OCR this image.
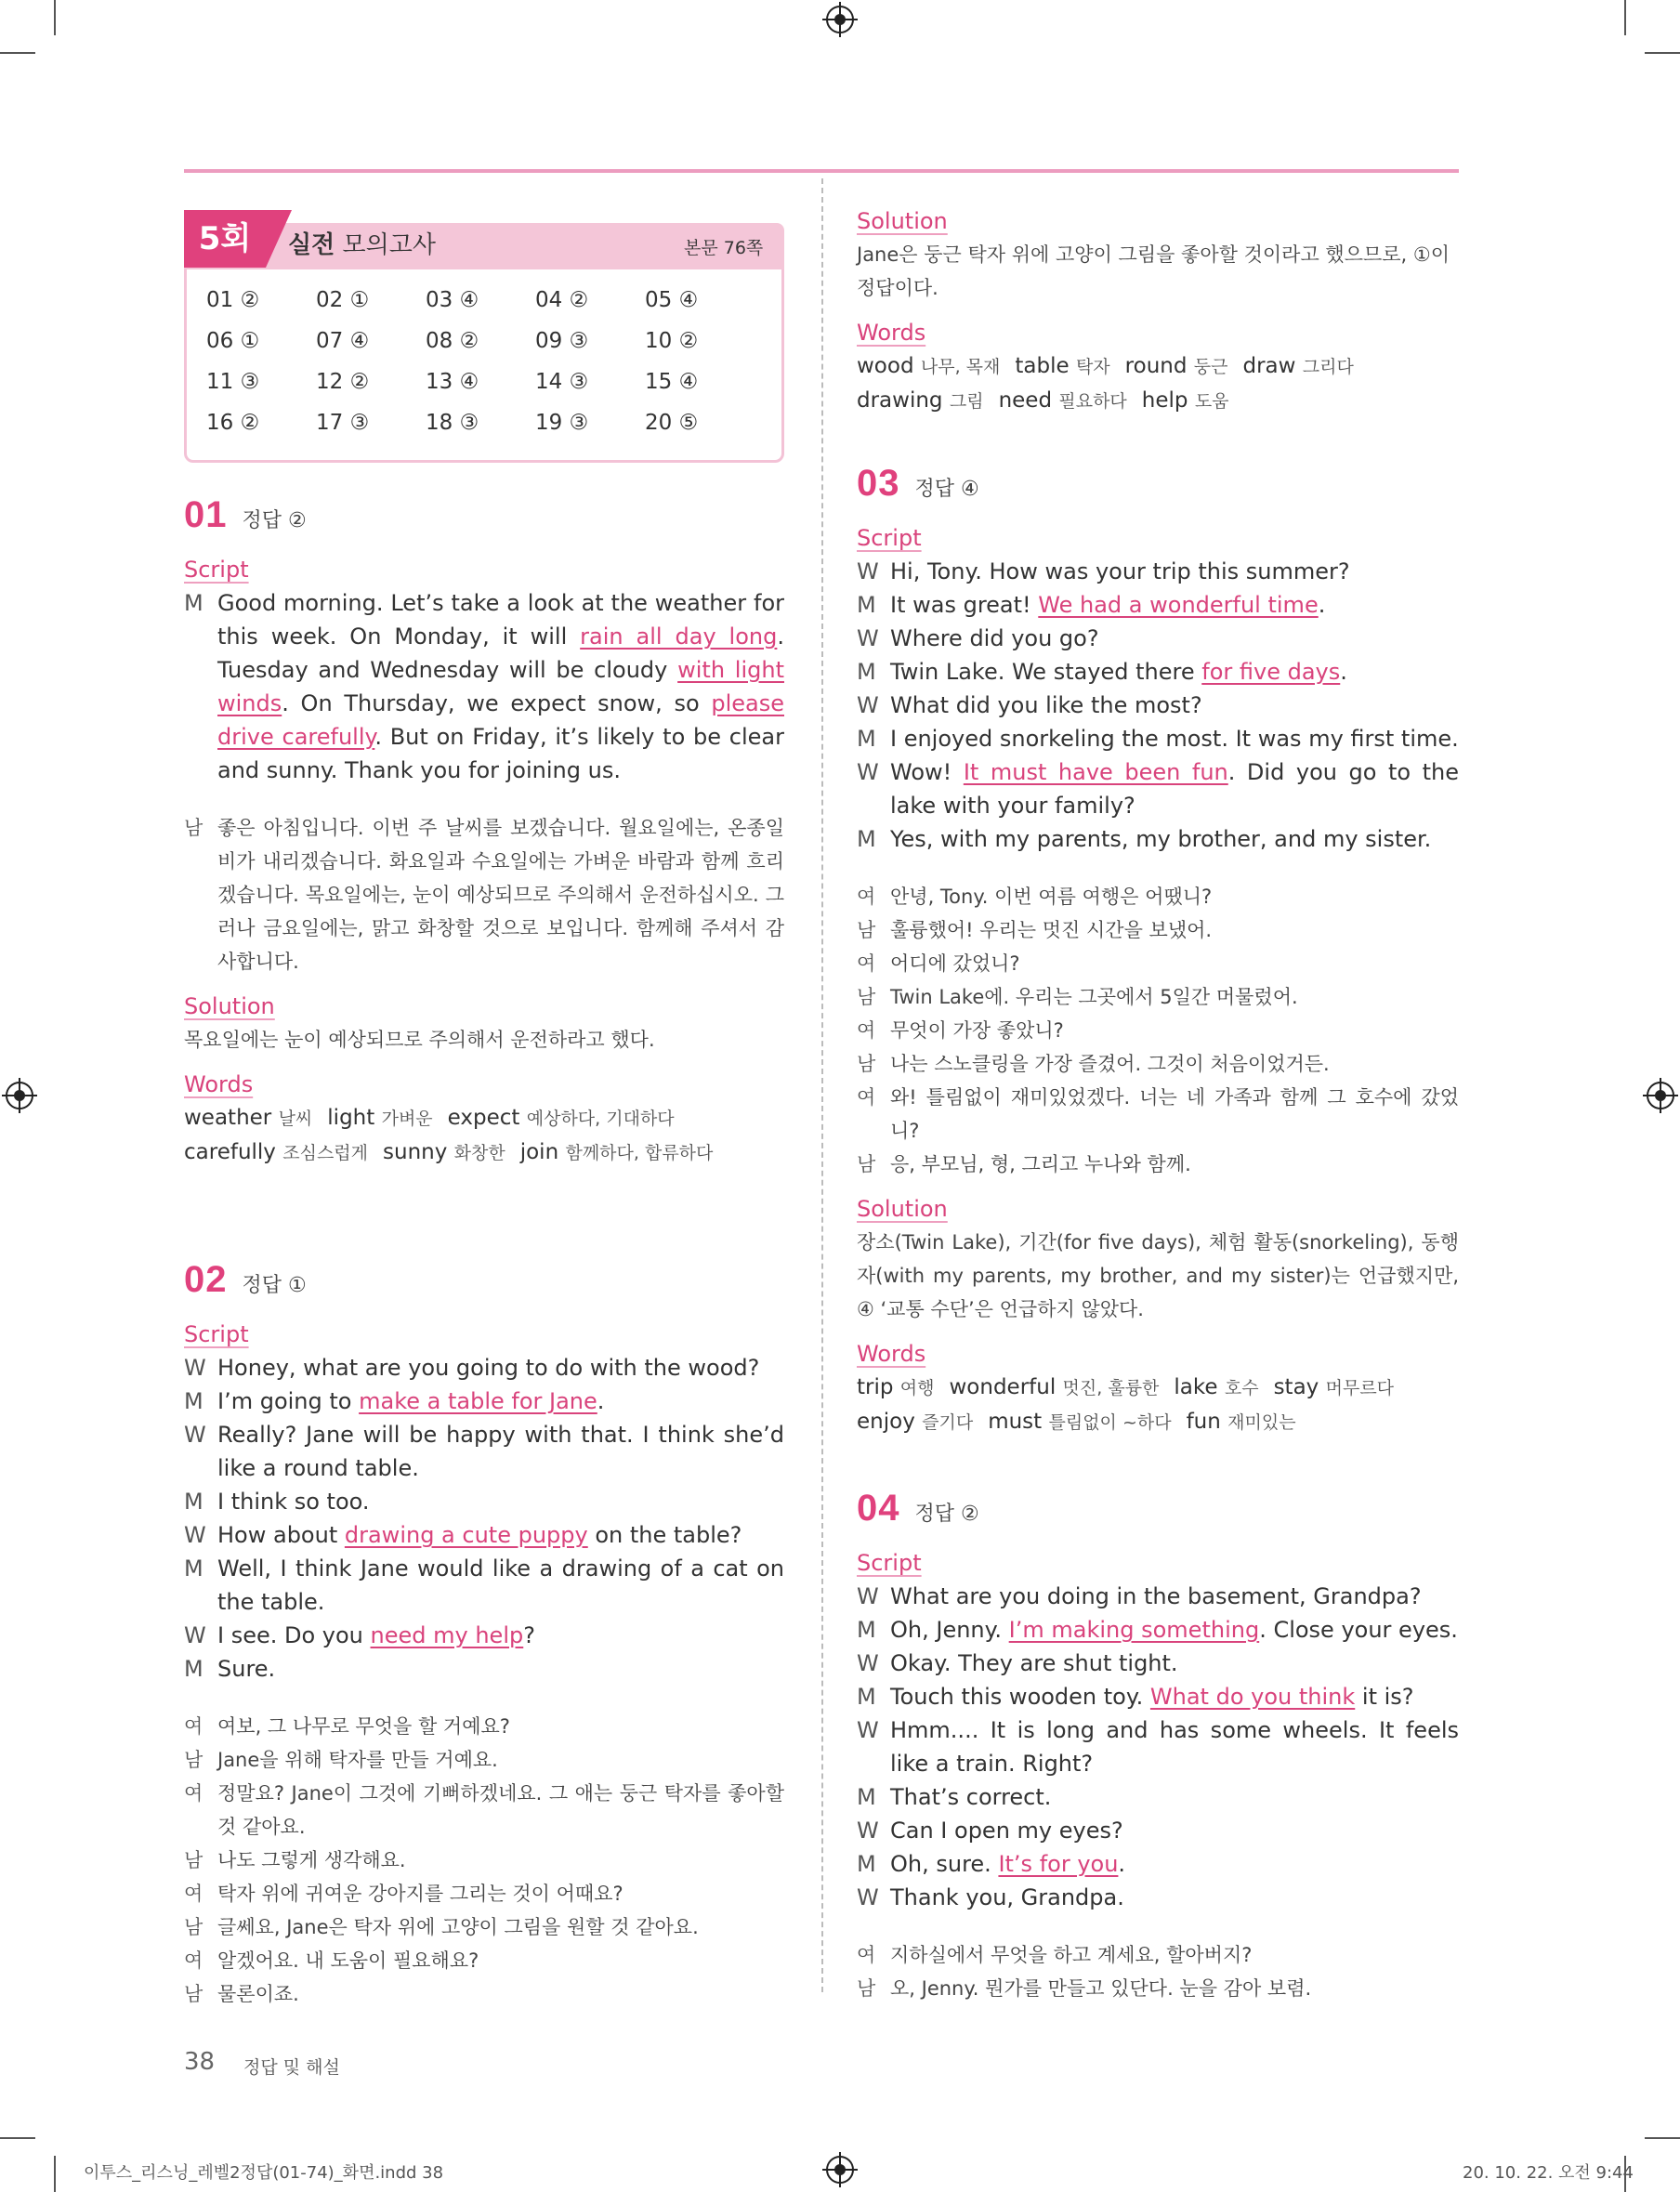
5회	실전 모의고사	본문 76쪽
01 ②	02 ①	03 ④	04 ②	05 ④
06 ①	07 ④	08 ②	09 ③	10 ②
11 ③	12 ②	13 ④	14 ③	15 ④
16 ②	17 ③	18 ③	19 ③	20 ⑤
01 정답 ②
Script
M Good morning. Let’s take a look at the weather for this week. On Monday, it will rain all day long. Tuesday and Wednesday will be cloudy with light winds. On Thursday, we expect snow, so please drive carefully. But on Friday, it’s likely to be clear and sunny. Thank you for joining us.
남 좋은 아침입니다. 이번 주 날씨를 보겠습니다. 월요일에는, 온종일 비가 내리겠습니다. 화요일과 수요일에는 가벼운 바람과 함께 흐리겠습니다. 목요일에는, 눈이 예상되므로 주의해서 운전하십시오. 그러나 금요일에는, 맑고 화창할 것으로 보입니다. 함께해 주셔서 감사합니다.
Solution
목요일에는 눈이 예상되므로 주의해서 운전하라고 했다.
Words
weather 날씨 light 가벼운 expect 예상하다, 기대하다
carefully 조심스럽게 sunny 화창한 join 함께하다, 합류하다
02 정답 ①
Script
W Honey, what are you going to do with the wood?
M I’m going to make a table for Jane.
W Really? Jane will be happy with that. I think she’d like a round table.
M I think so too.
W How about drawing a cute puppy on the table?
M Well, I think Jane would like a drawing of a cat on the table.
W I see. Do you need my help?
M Sure.
여 여보, 그 나무로 무엇을 할 거예요?
남 Jane을 위해 탁자를 만들 거예요.
여 정말요? Jane이 그것에 기뻐하겠네요. 그 애는 둥근 탁자를 좋아할 것 같아요.
남 나도 그렇게 생각해요.
여 탁자 위에 귀여운 강아지를 그리는 것이 어때요?
남 글쎄요, Jane은 탁자 위에 고양이 그림을 원할 것 같아요.
여 알겠어요. 내 도움이 필요해요?
남 물론이죠.
Solution
Jane은 둥근 탁자 위에 고양이 그림을 좋아할 것이라고 했으므로, ①이 정답이다.
Words
wood 나무, 목재 table 탁자 round 둥근 draw 그리다
drawing 그림 need 필요하다 help 도움
03 정답 ④
Script
W Hi, Tony. How was your trip this summer?
M It was great! We had a wonderful time.
W Where did you go?
M Twin Lake. We stayed there for five days.
W What did you like the most?
M I enjoyed snorkeling the most. It was my first time.
W Wow! It must have been fun. Did you go to the lake with your family?
M Yes, with my parents, my brother, and my sister.
여 안녕, Tony. 이번 여름 여행은 어땠니?
남 훌륭했어! 우리는 멋진 시간을 보냈어.
여 어디에 갔었니?
남 Twin Lake에. 우리는 그곳에서 5일간 머물렀어.
여 무엇이 가장 좋았니?
남 나는 스노클링을 가장 즐겼어. 그것이 처음이었거든.
여 와! 틀림없이 재미있었겠다. 너는 네 가족과 함께 그 호수에 갔었니?
남 응, 부모님, 형, 그리고 누나와 함께.
Solution
장소(Twin Lake), 기간(for five days), 체험 활동(snorkeling), 동행자(with my parents, my brother, and my sister)는 언급했지만, ④ ‘교통 수단’은 언급하지 않았다.
Words
trip 여행 wonderful 멋진, 훌륭한 lake 호수 stay 머무르다
enjoy 즐기다 must 틀림없이 ~하다 fun 재미있는
04 정답 ②
Script
W What are you doing in the basement, Grandpa?
M Oh, Jenny. I’m making something. Close your eyes.
W Okay. They are shut tight.
M Touch this wooden toy. What do you think it is?
W Hmm.... It is long and has some wheels. It feels like a train. Right?
M That’s correct.
W Can I open my eyes?
M Oh, sure. It’s for you.
W Thank you, Grandpa.
여 지하실에서 무엇을 하고 계세요, 할아버지?
남 오, Jenny. 뭔가를 만들고 있단다. 눈을 감아 보렴.
38 정답 및 해설
이투스_리스닝_레벨2정답(01-74)_화면.indd 38	20. 10. 22. 오전 9:44
